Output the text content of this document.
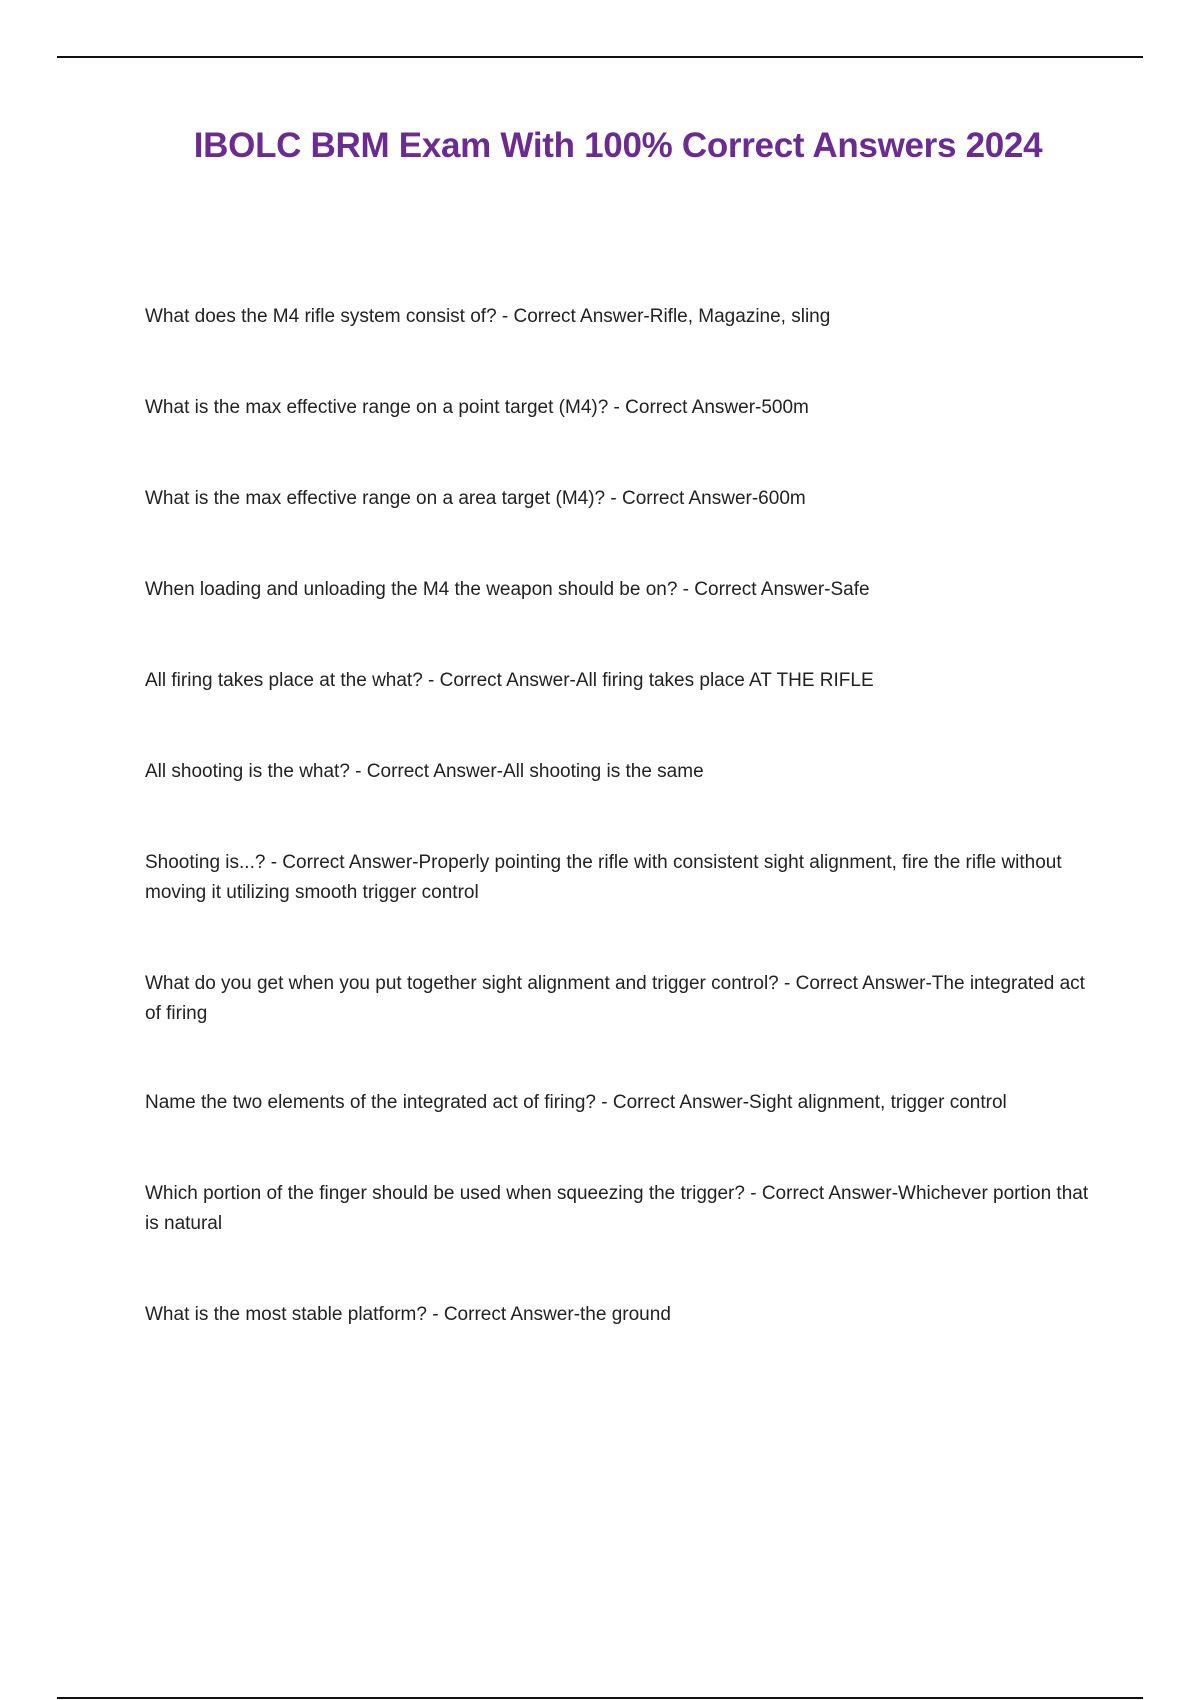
IBOLC BRM Exam With 100% Correct Answers 2024

What does the M4 rifle system consist of? - Correct Answer-Rifle, Magazine, sling

What is the max effective range on a point target (M4)? - Correct Answer-500m

What is the max effective range on a area target (M4)? - Correct Answer-600m

When loading and unloading the M4 the weapon should be on? - Correct Answer-Safe

All firing takes place at the what? - Correct Answer-All firing takes place AT THE RIFLE

All shooting is the what? - Correct Answer-All shooting is the same

Shooting is...? - Correct Answer-Properly pointing the rifle with consistent sight alignment, fire the rifle without moving it utilizing smooth trigger control

What do you get when you put together sight alignment and trigger control? - Correct Answer-The integrated act of firing

Name the two elements of the integrated act of firing? - Correct Answer-Sight alignment, trigger control

Which portion of the finger should be used when squeezing the trigger? - Correct Answer-Whichever portion that is natural

What is the most stable platform? - Correct Answer-the ground
